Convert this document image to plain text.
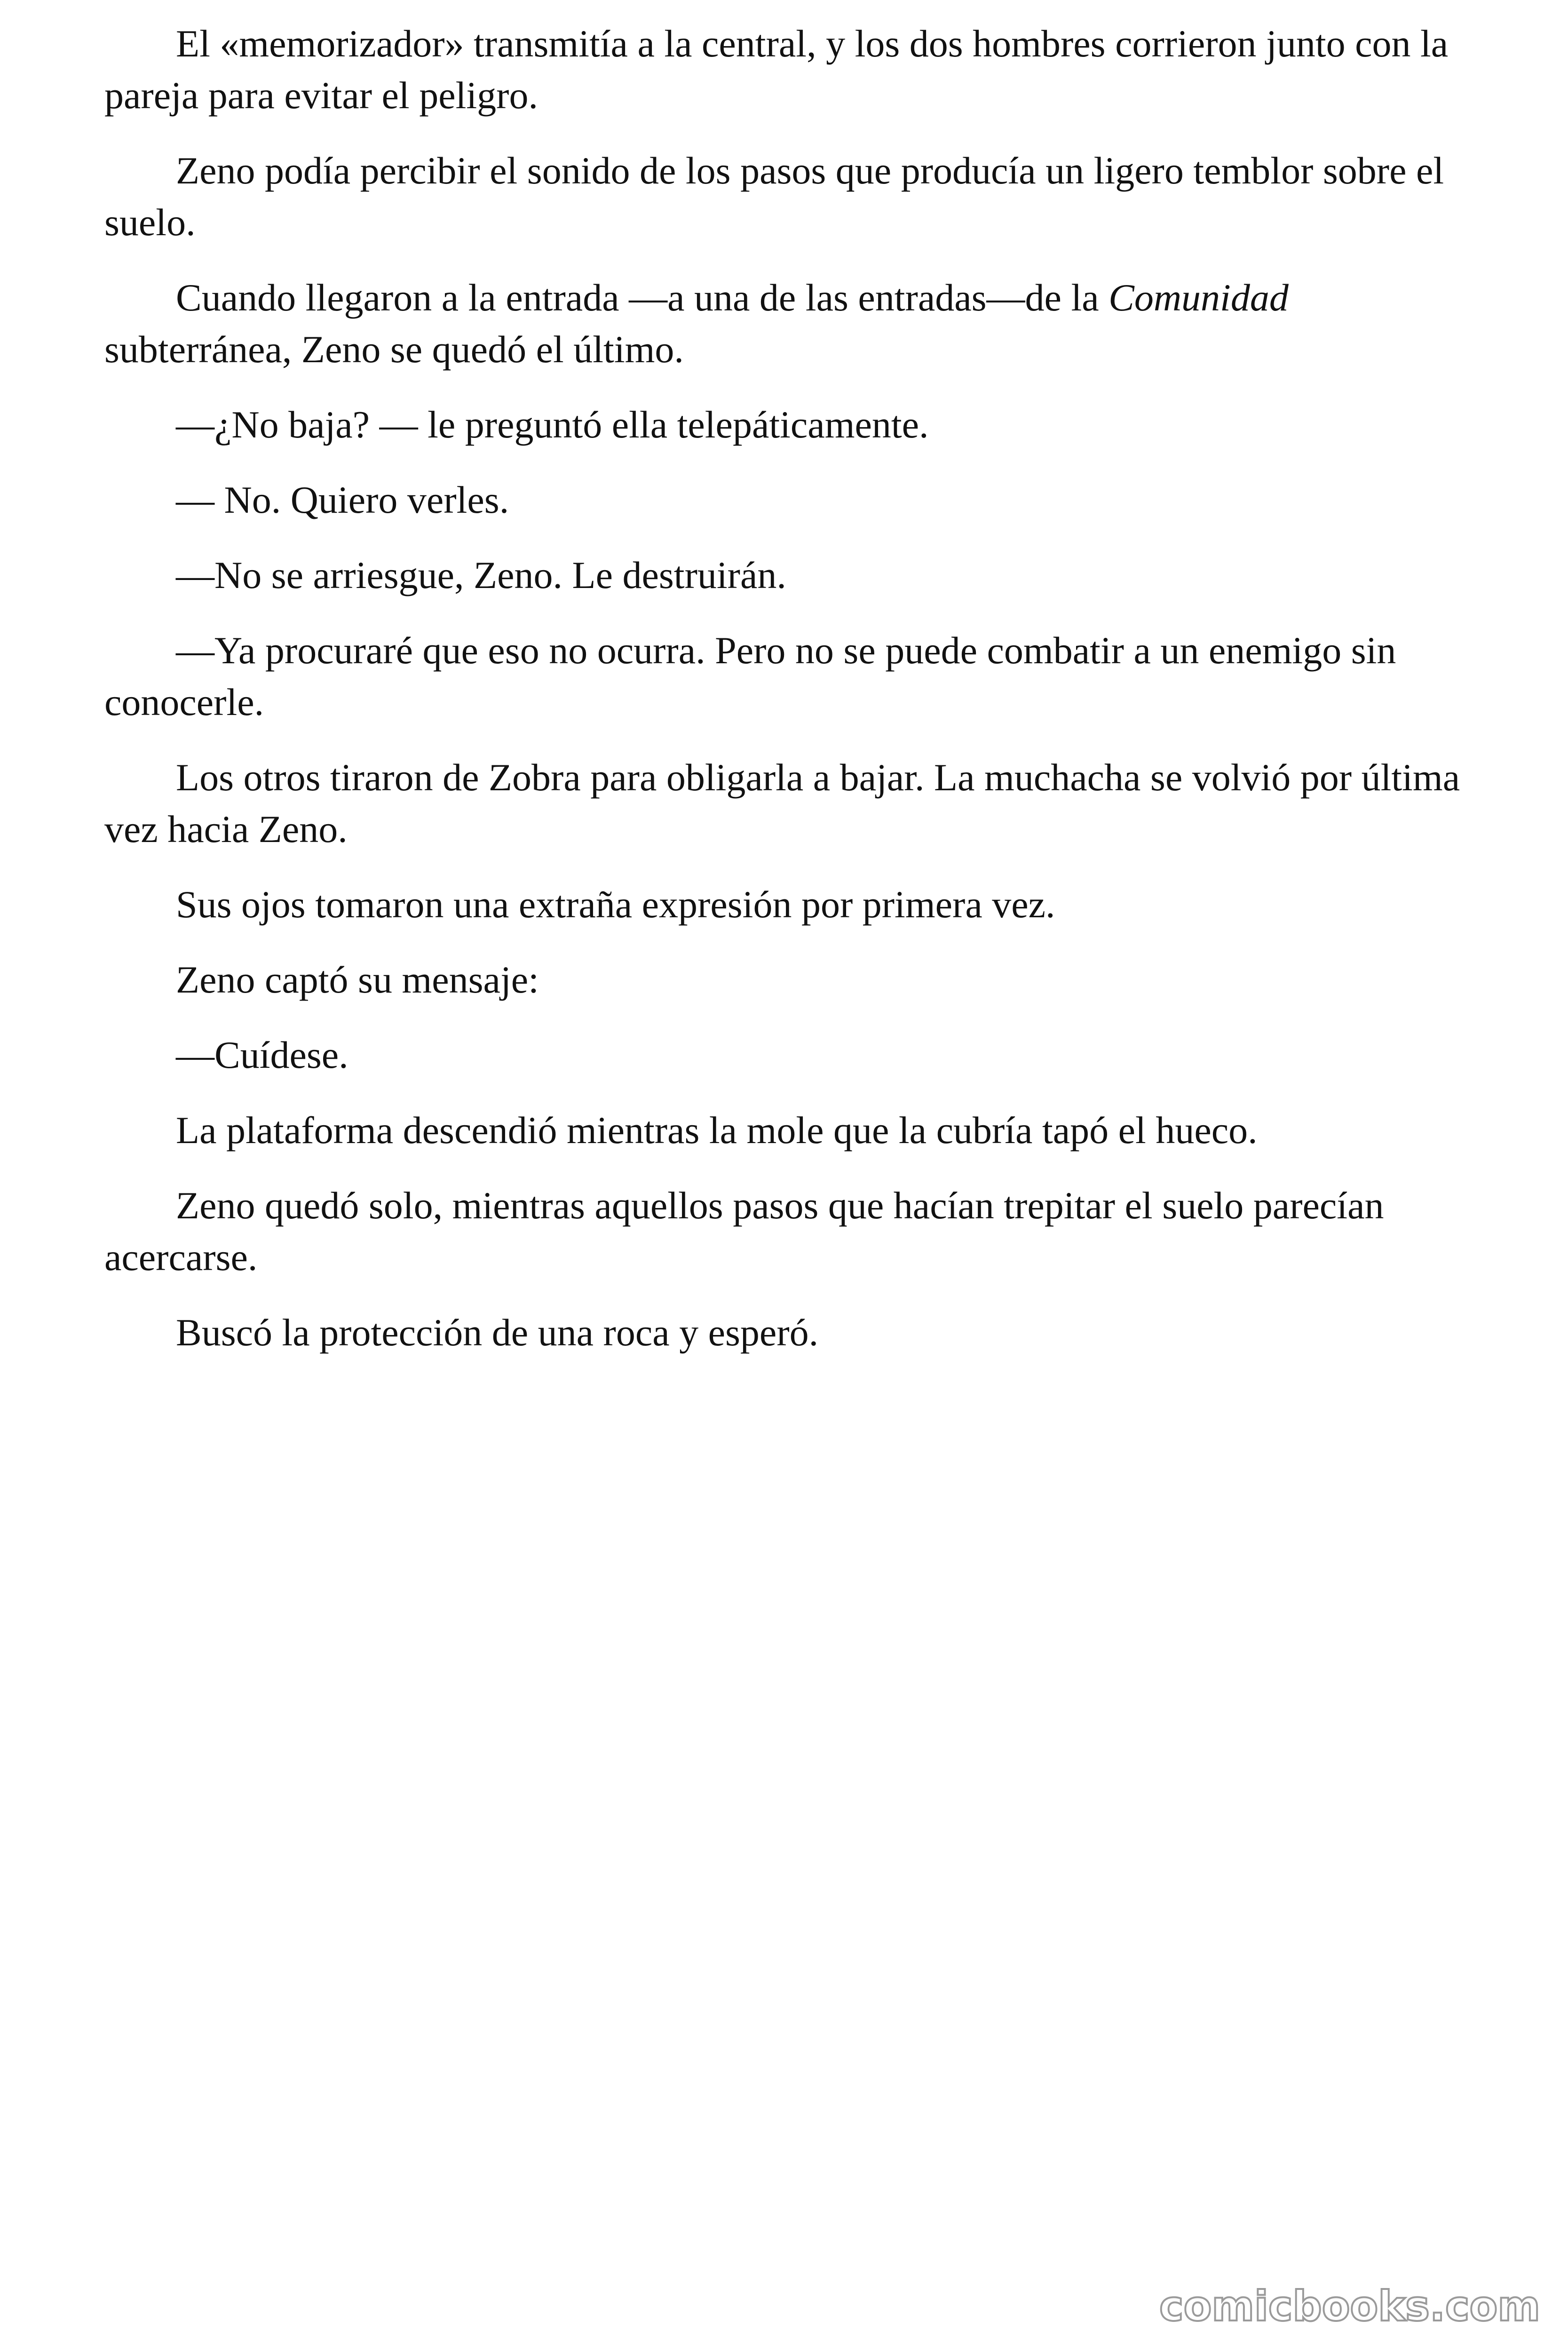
El «memorizador» transmitía a la central, y los dos hombres corrieron junto con la pareja para evitar el peligro.

Zeno podía percibir el sonido de los pasos que producía un ligero temblor sobre el suelo.

Cuando llegaron a la entrada —a una de las entradas—de la Comunidad subterránea, Zeno se quedó el último.

—¿No baja? — le preguntó ella telepáticamente.

— No. Quiero verles.

—No se arriesgue, Zeno. Le destruirán.

—Ya procuraré que eso no ocurra. Pero no se puede combatir a un enemigo sin conocerle.

Los otros tiraron de Zobra para obligarla a bajar. La muchacha se volvió por última vez hacia Zeno.

Sus ojos tomaron una extraña expresión por primera vez.

Zeno captó su mensaje:

—Cuídese.

La plataforma descendió mientras la mole que la cubría tapó el hueco.

Zeno quedó solo, mientras aquellos pasos que hacían trepitar el suelo parecían acercarse.

Buscó la protección de una roca y esperó.

comicbooks.com
